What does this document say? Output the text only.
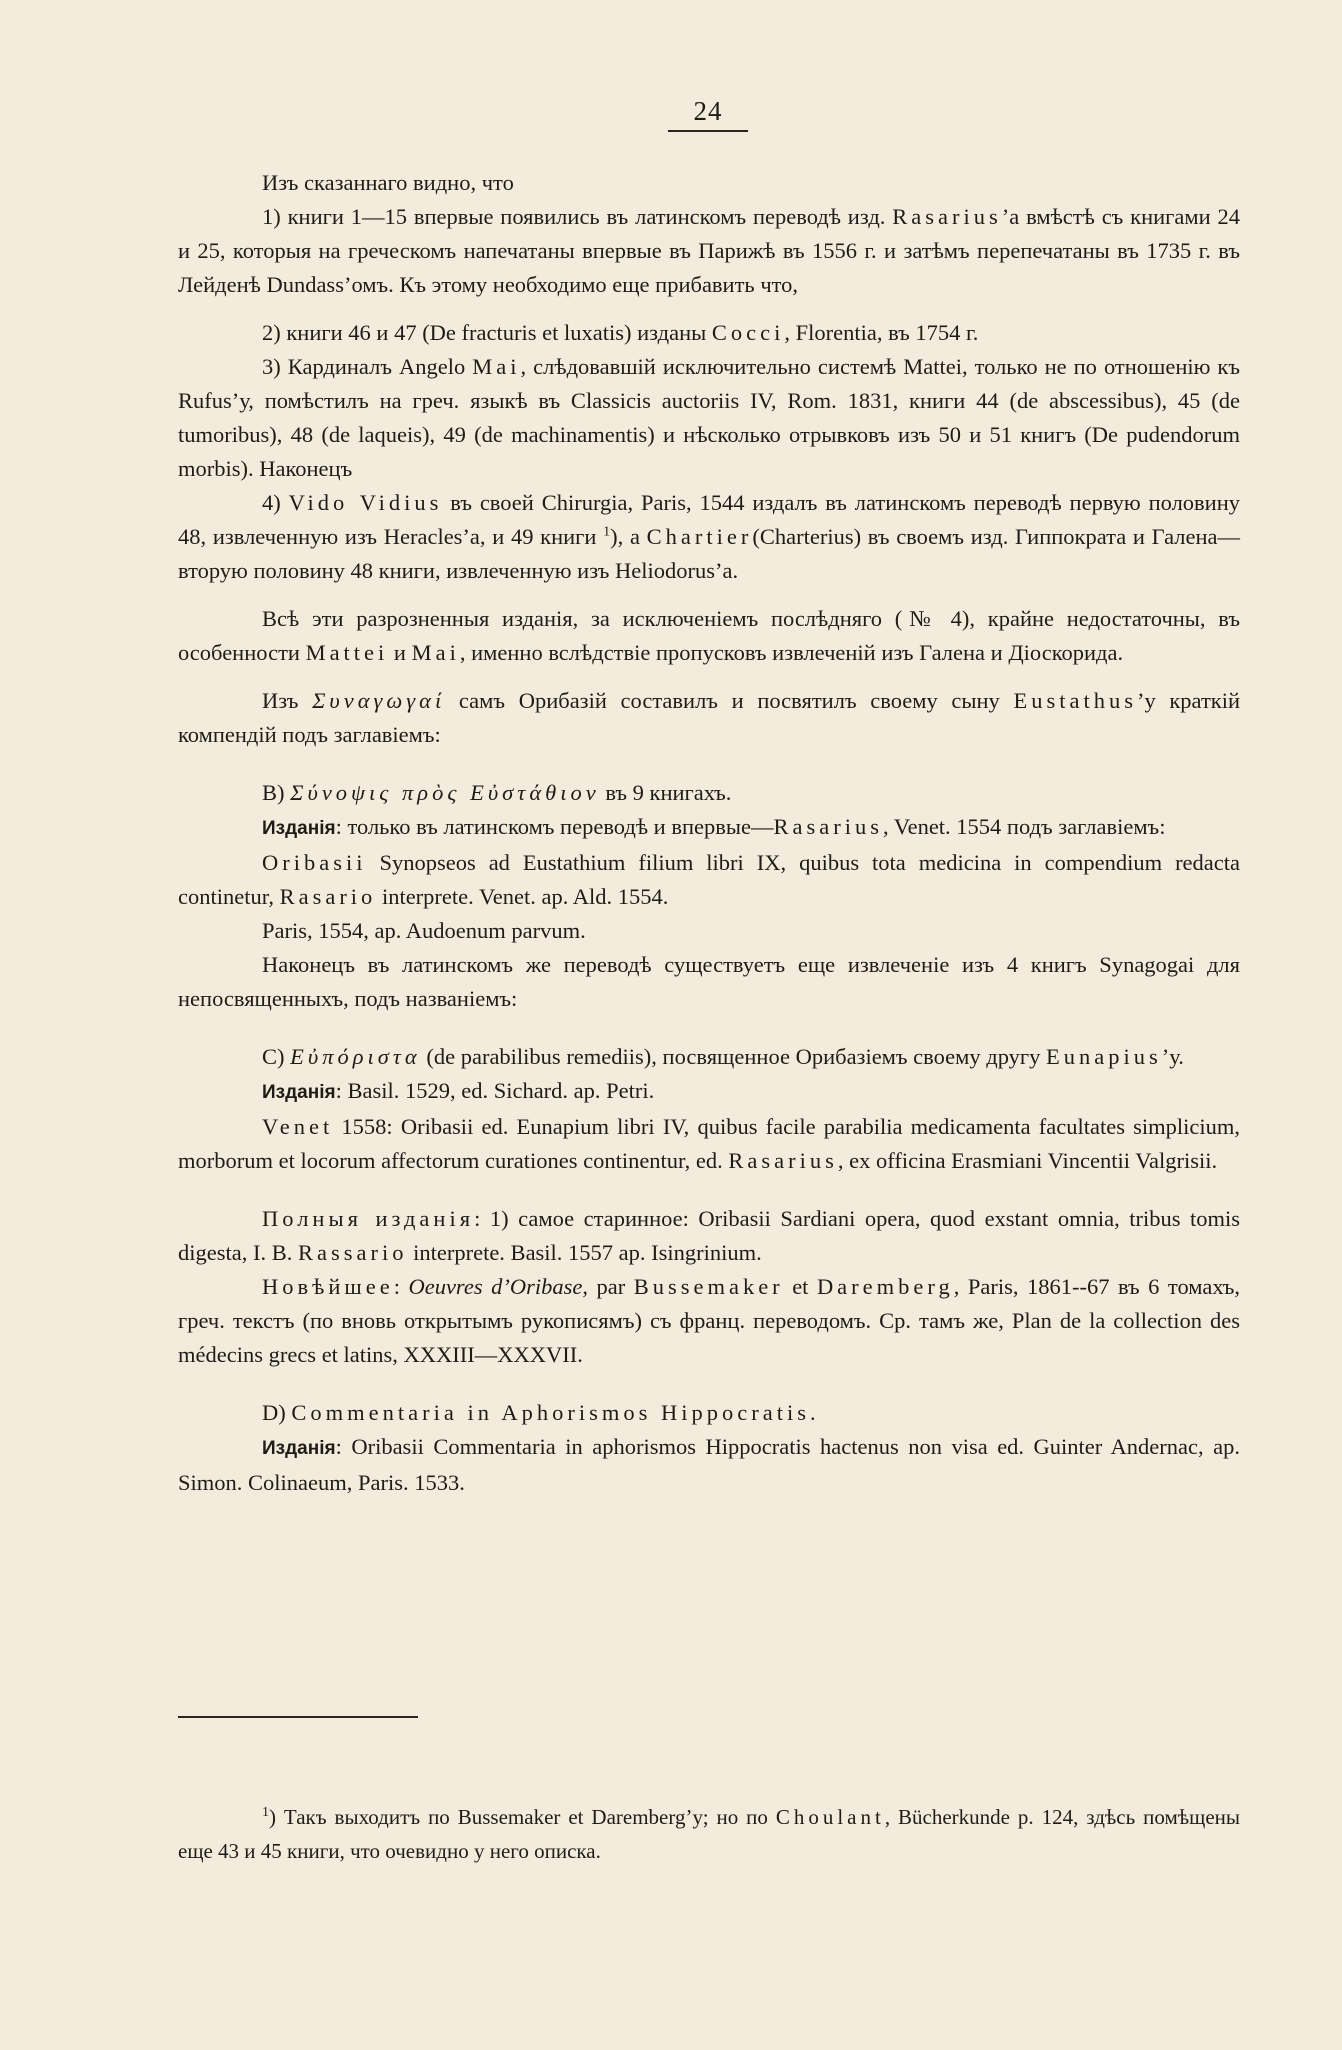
24

Изъ сказаннаго видно, что

1) книги 1—15 впервые появились въ латинскомъ переводѣ изд. Rasarius’а вмѣстѣ съ книгами 24 и 25, которыя на греческомъ напечатаны впервые въ Парижѣ въ 1556 г. и затѣмъ перепечатаны въ 1735 г. въ Лейденѣ Dundass’омъ. Къ этому необходимо еще прибавить что,

2) книги 46 и 47 (De fracturis et luxatis) изданы Cocci, Florentia, въ 1754 г.

3) Кардиналъ Angelo Mai, слѣдовавшій исключительно системѣ Mattei, только не по отношенію къ Rufus’у, помѣстилъ на греч. языкѣ въ Classicis auctoriis IV, Rom. 1831, книги 44 (de abscessibus), 45 (de tumoribus), 48 (de laqueis), 49 (de machinamentis) и нѣсколько отрывковъ изъ 50 и 51 книгъ (De pudendorum morbis). Наконецъ

4) Vido Vidius въ своей Chirurgia, Paris, 1544 издалъ въ латинскомъ переводѣ первую половину 48, извлеченную изъ Heracles’a, и 49 книги $^1$), а Chartier(Charterius) въ своемъ изд. Гиппократа и Галена—вторую половину 48 книги, извлеченную изъ Heliodorus’a.

Всѣ эти разрозненныя изданія, за исключеніемъ послѣдняго (№ 4), крайне недостаточны, въ особенности Mattei и Mai, именно вслѣдствіе пропусковъ извлеченій изъ Галена и Діоскорида.

Изъ Συναγωγαί самъ Орибазій составилъ и посвятилъ своему сыну Eustathus’у краткій компендій подъ заглавіемъ:

B) Σύνοψις πρὸς Εὐστάθιον въ 9 книгахъ.

Изданія: только въ латинскомъ переводѣ и впервые—Rasarius, Venet. 1554 подъ заглавіемъ:

Oribasii Synopseos ad Eustathium filium libri IX, quibus tota medicina in compendium redacta continetur, Rasario interprete. Venet. ap. Ald. 1554.

Paris, 1554, ap. Audoenum parvum.

Наконецъ въ латинскомъ же переводѣ существуетъ еще извлеченіе изъ 4 книгъ Synagogai для непосвященныхъ, подъ названіемъ:

C) Εὐπόριστα (de parabilibus remediis), посвященное Орибазіемъ своему другу Eunapius’у.

Изданія: Basil. 1529, ed. Sichard. ap. Petri.

Venet 1558: Oribasii ed. Eunapium libri IV, quibus facile parabilia medicamenta facultates simplicium, morborum et locorum affectorum curationes continentur, ed. Rasarius, ex officina Erasmiani Vincentii Valgrisii.

Полныя изданія: 1) самое старинное: Oribasii Sardiani opera, quod exstant omnia, tribus tomis digesta, I. B. Rassario interprete. Basil. 1557 ap. Isingrinium.

Новѣйшее: Oeuvres d’Oribase, par Bussemaker et Daremberg, Paris, 1861--67 въ 6 томахъ, греч. текстъ (по вновь открытымъ рукописямъ) съ франц. переводомъ. Ср. тамъ же, Plan de la collection des médecins grecs et latins, XXXIII—XXXVII.

D) Commentaria in Aphorismos Hippocratis.

Изданія: Oribasii Commentaria in aphorismos Hippocratis hactenus non visa ed. Guinter Andernac, ap. Simon. Colinaeum, Paris. 1533.

$^1$) Такъ выходитъ по Bussemaker et Daremberg’у; но по Choulant, Bücherkunde p. 124, здѣсь помѣщены еще 43 и 45 книги, что очевидно у него описка.
